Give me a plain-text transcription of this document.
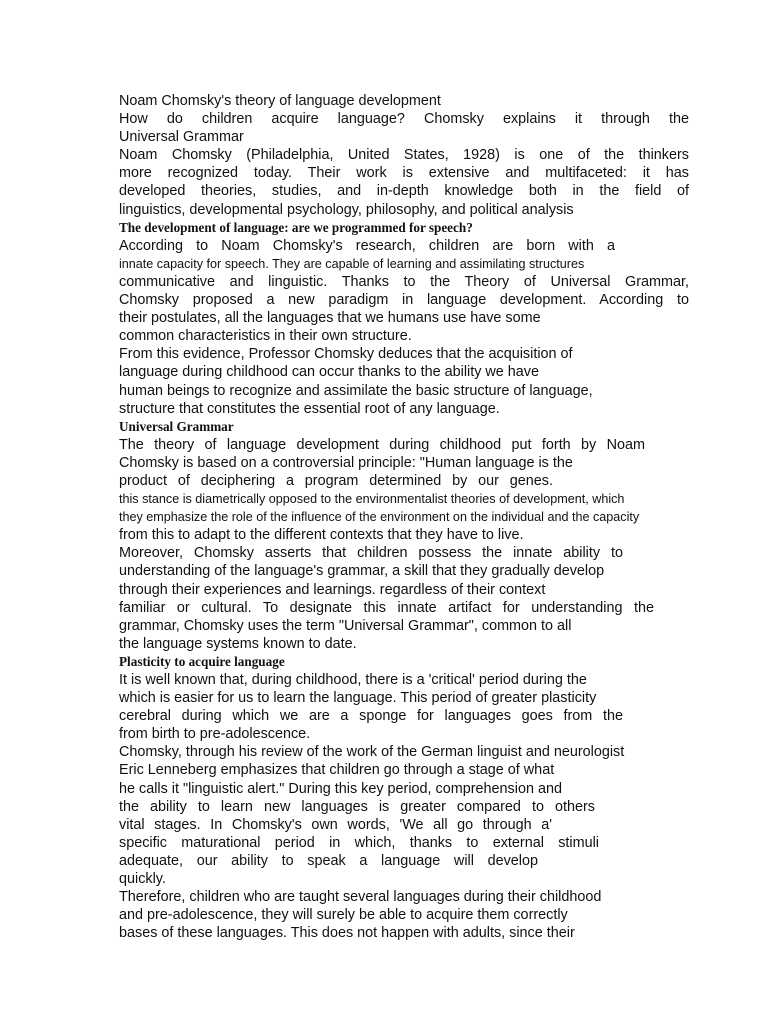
Noam Chomsky's theory of language development
How do children acquire language? Chomsky explains it through the
Universal Grammar
Noam Chomsky (Philadelphia, United States, 1928) is one of the thinkers
more recognized today. Their work is extensive and multifaceted: it has
developed theories, studies, and in-depth knowledge both in the field of
linguistics, developmental psychology, philosophy, and political analysis
The development of language: are we programmed for speech?
According to Noam Chomsky's research, children are born with a
innate capacity for speech. They are capable of learning and assimilating structures
communicative and linguistic. Thanks to the Theory of Universal Grammar,
Chomsky proposed a new paradigm in language development. According to
their postulates, all the languages that we humans use have some
common characteristics in their own structure.
From this evidence, Professor Chomsky deduces that the acquisition of
language during childhood can occur thanks to the ability we have
human beings to recognize and assimilate the basic structure of language,
structure that constitutes the essential root of any language.
Universal Grammar
The theory of language development during childhood put forth by Noam
Chomsky is based on a controversial principle: "Human language is the
product of deciphering a program determined by our genes.
this stance is diametrically opposed to the environmentalist theories of development, which
they emphasize the role of the influence of the environment on the individual and the capacity
from this to adapt to the different contexts that they have to live.
Moreover, Chomsky asserts that children possess the innate ability to
understanding of the language's grammar, a skill that they gradually develop
through their experiences and learnings. regardless of their context
familiar or cultural. To designate this innate artifact for understanding the
grammar, Chomsky uses the term "Universal Grammar", common to all
the language systems known to date.
Plasticity to acquire language
It is well known that, during childhood, there is a 'critical' period during the
which is easier for us to learn the language. This period of greater plasticity
cerebral during which we are a sponge for languages goes from the
from birth to pre-adolescence.
Chomsky, through his review of the work of the German linguist and neurologist
Eric Lenneberg emphasizes that children go through a stage of what
he calls it "linguistic alert." During this key period, comprehension and
the ability to learn new languages is greater compared to others
vital stages. In Chomsky's own words, 'We all go through a'
specific maturational period in which, thanks to external stimuli
adequate, our ability to speak a language will develop
quickly.
Therefore, children who are taught several languages during their childhood
and pre-adolescence, they will surely be able to acquire them correctly
bases of these languages. This does not happen with adults, since their
